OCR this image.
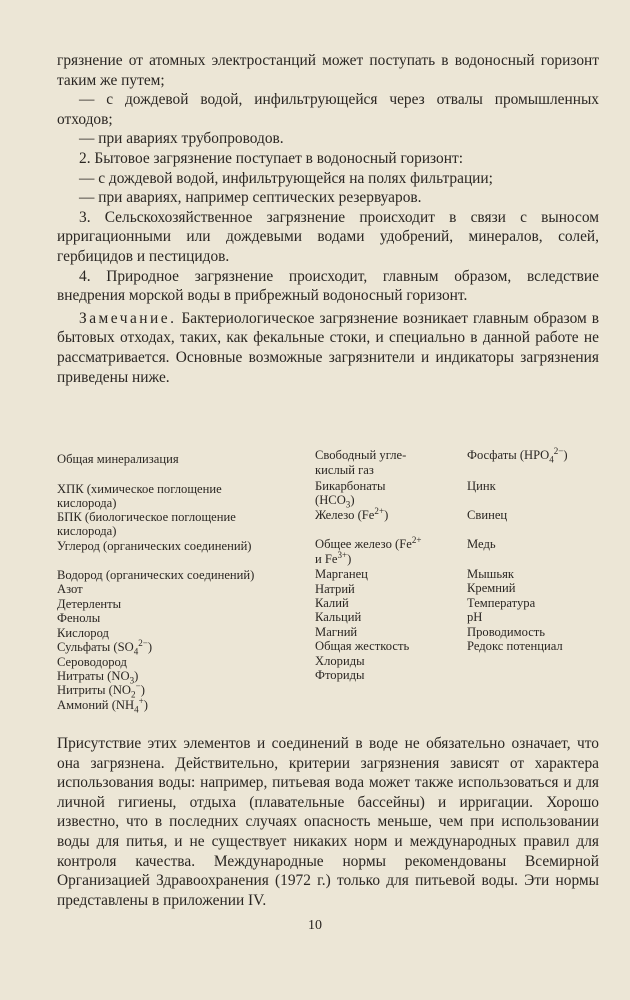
грязнение от атомных электростанций может поступать в водоносный горизонт таким же путем;

— с дождевой водой, инфильтрующейся через отвалы промышленных отходов;

— при авариях трубопроводов.

2. Бытовое загрязнение поступает в водоносный горизонт:

— с дождевой водой, инфильтрующейся на полях фильтрации;

— при авариях, например септических резервуаров.

3. Сельскохозяйственное загрязнение происходит в связи с выносом ирригационными или дождевыми водами удобрений, минералов, солей, гербицидов и пестицидов.

4. Природное загрязнение происходит, главным образом, вследствие внедрения морской воды в прибрежный водоносный горизонт.

Замечание. Бактериологическое загрязнение возникает главным образом в бытовых отходах, таких, как фекальные стоки, и специально в данной работе не рассматривается. Основные возможные загрязнители и индикаторы загрязнения приведены ниже.

Общая минерализация
ХПК (химическое поглощение
кислорода)
БПК (биологическое поглощение
кислорода)
Углерод (органических соединений)
Водород (органических соединений)
Азот
Детерленты
Фенолы
Кислород
Сульфаты $(SO_4^{2-})$
Сероводород
Нитраты $(NO_3)$
Нитриты $(NO_2^-)$
Аммоний $(NH_4^+)$
Свободный угле-
кислый газ
Бикарбонаты
$(HCO_3)$
Железо $(Fe^{2+})$
Общее железо ($Fe^{2+}$
и $Fe^{3+}$)
Марганец
Натрий
Калий
Кальций
Магний
Общая жесткость
Хлориды
Фториды
Фосфаты $(HPO_4^{2-})$
Цинк
Свинец
Медь
Мышьяк
Кремний
Температура
pH
Проводимость
Редокс потенциал

Присутствие этих элементов и соединений в воде не обязательно означает, что она загрязнена. Действительно, критерии загрязнения зависят от характера использования воды: например, питьевая вода может также использоваться и для личной гигиены, отдыха (плавательные бассейны) и ирригации. Хорошо известно, что в последних случаях опасность меньше, чем при использовании воды для питья, и не существует никаких норм и международных правил для контроля качества. Международные нормы рекомендованы Всемирной Организацией Здравоохранения (1972 г.) только для питьевой воды. Эти нормы представлены в приложении IV.

10
